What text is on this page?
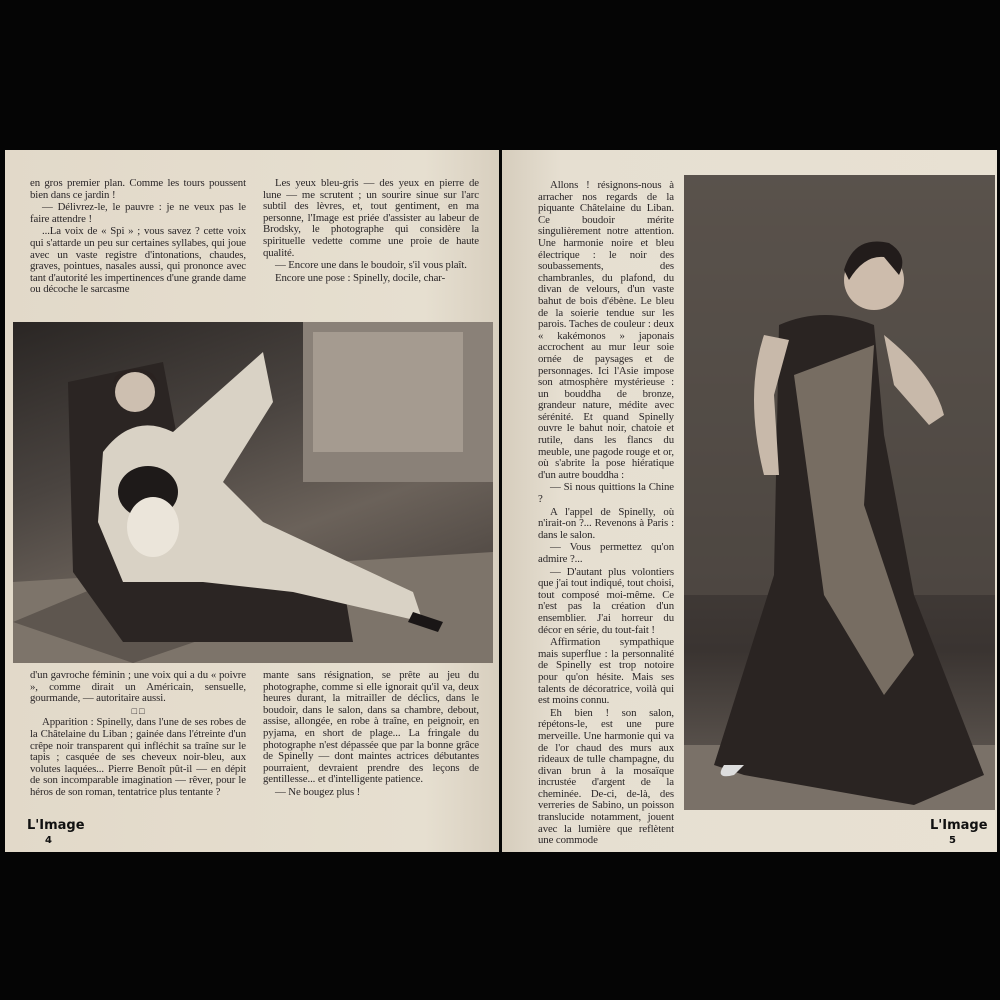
en gros premier plan. Comme les tours poussent bien dans ce jardin !

— Délivrez-le, le pauvre : je ne veux pas le faire attendre !

...La voix de « Spi » ; vous savez ? cette voix qui s'attarde un peu sur certaines syllabes, qui joue avec un vaste registre d'intonations, chaudes, graves, pointues, nasales aussi, qui prononce avec tant d'autorité les impertinences d'une grande dame ou décoche le sarcasme

Les yeux bleu-gris — des yeux en pierre de lune — me scrutent ; un sourire sinue sur l'arc subtil des lèvres, et, tout gentiment, en ma personne, l'Image est priée d'assister au labeur de Brodsky, le photographe qui considère la spirituelle vedette comme une proie de haute qualité.

— Encore une dans le boudoir, s'il vous plaît.

Encore une pose : Spinelly, docile, char-

d'un gavroche féminin ; une voix qui a du « poivre », comme dirait un Américain, sensuelle, gourmande, — autoritaire aussi.

□ □

Apparition : Spinelly, dans l'une de ses robes de la Châtelaine du Liban ; gainée dans l'étreinte d'un crêpe noir transparent qui infléchit sa traîne sur le tapis ; casquée de ses cheveux noir-bleu, aux volutes laquées... Pierre Benoît pût-il — en dépit de son incomparable imagination — rêver, pour le héros de son roman, tentatrice plus tentante ?

mante sans résignation, se prête au jeu du photographe, comme si elle ignorait qu'il va, deux heures durant, la mitrailler de déclics, dans le boudoir, dans le salon, dans sa chambre, debout, assise, allongée, en robe à traîne, en peignoir, en pyjama, en short de plage... La fringale du photographe n'est dépassée que par la bonne grâce de Spinelly — dont maintes actrices débutantes pourraient, devraient prendre des leçons de gentillesse... et d'intelligente patience.

— Ne bougez plus !

L'Image
4

Allons ! résignons-nous à arracher nos regards de la piquante Châtelaine du Liban. Ce boudoir mérite singulièrement notre attention. Une harmonie noire et bleu électrique : le noir des soubassements, des chambranles, du plafond, du divan de velours, d'un vaste bahut de bois d'ébène. Le bleu de la soierie tendue sur les parois. Taches de couleur : deux « kakémonos » japonais accrochent au mur leur soie ornée de paysages et de personnages. Ici l'Asie impose son atmosphère mystérieuse : un bouddha de bronze, grandeur nature, médite avec sérénité. Et quand Spinelly ouvre le bahut noir, chatoie et rutile, dans les flancs du meuble, une pagode rouge et or, où s'abrite la pose hiératique d'un autre bouddha :

— Si nous quittions la Chine ?

A l'appel de Spinelly, où n'irait-on ?... Revenons à Paris : dans le salon.

— Vous permettez qu'on admire ?...

— D'autant plus volontiers que j'ai tout indiqué, tout choisi, tout composé moi-même. Ce n'est pas la création d'un ensemblier. J'ai horreur du décor en série, du tout-fait !

Affirmation sympathique mais superflue : la personnalité de Spinelly est trop notoire pour qu'on hésite. Mais ses talents de décoratrice, voilà qui est moins connu.

Eh bien ! son salon, répétons-le, est une pure merveille. Une harmonie qui va de l'or chaud des murs aux rideaux de tulle champagne, du divan brun à la mosaïque incrustée d'argent de la cheminée. De-ci, de-là, des verreries de Sabino, un poisson translucide notamment, jouent avec la lumière que reflètent une commode

L'Image
5
